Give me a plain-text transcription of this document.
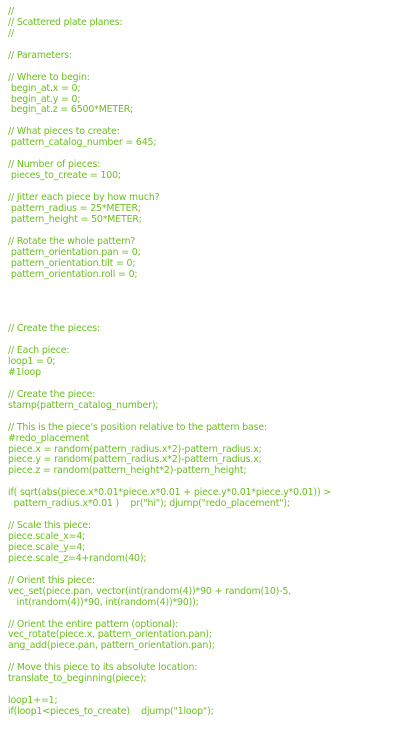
//
// Scattered plate planes:
//
// Parameters:
// Where to begin:
begin_at.x = 0;
begin_at.y = 0;
begin_at.z = 6500*METER;
// What pieces to create:
pattern_catalog_number = 645;
// Number of pieces:
pieces_to_create = 100;
// Jitter each piece by how much?
pattern_radius = 25*METER;
pattern_height = 50*METER;
// Rotate the whole pattern?
pattern_orientation.pan = 0;
pattern_orientation.tilt = 0;
pattern_orientation.roll = 0;
// Create the pieces:
// Each piece:
loop1 = 0;
#1loop
// Create the piece:
stamp(pattern_catalog_number);
// This is the piece's position relative to the pattern base:
#redo_placement
piece.x = random(pattern_radius.x*2)-pattern_radius.x;
piece.y = random(pattern_radius.x*2)-pattern_radius.x;
piece.z = random(pattern_height*2)-pattern_height;
if( sqrt(abs(piece.x*0.01*piece.x*0.01 + piece.y*0.01*piece.y*0.01)) >
pattern_radius.x*0.01 )    pr("hi"); djump("redo_placement");
// Scale this piece:
piece.scale_x=4;
piece.scale_y=4;
piece.scale_z=4+random(40);
// Orient this piece:
vec_set(piece.pan, vector(int(random(4))*90 + random(10)-5,
int(random(4))*90, int(random(4))*90));
// Orient the entire pattern (optional):
vec_rotate(piece.x, pattern_orientation.pan);
ang_add(piece.pan, pattern_orientation.pan);
// Move this piece to its absolute location:
translate_to_beginning(piece);
loop1+=1;
if(loop1<pieces_to_create)    djump("1loop");
